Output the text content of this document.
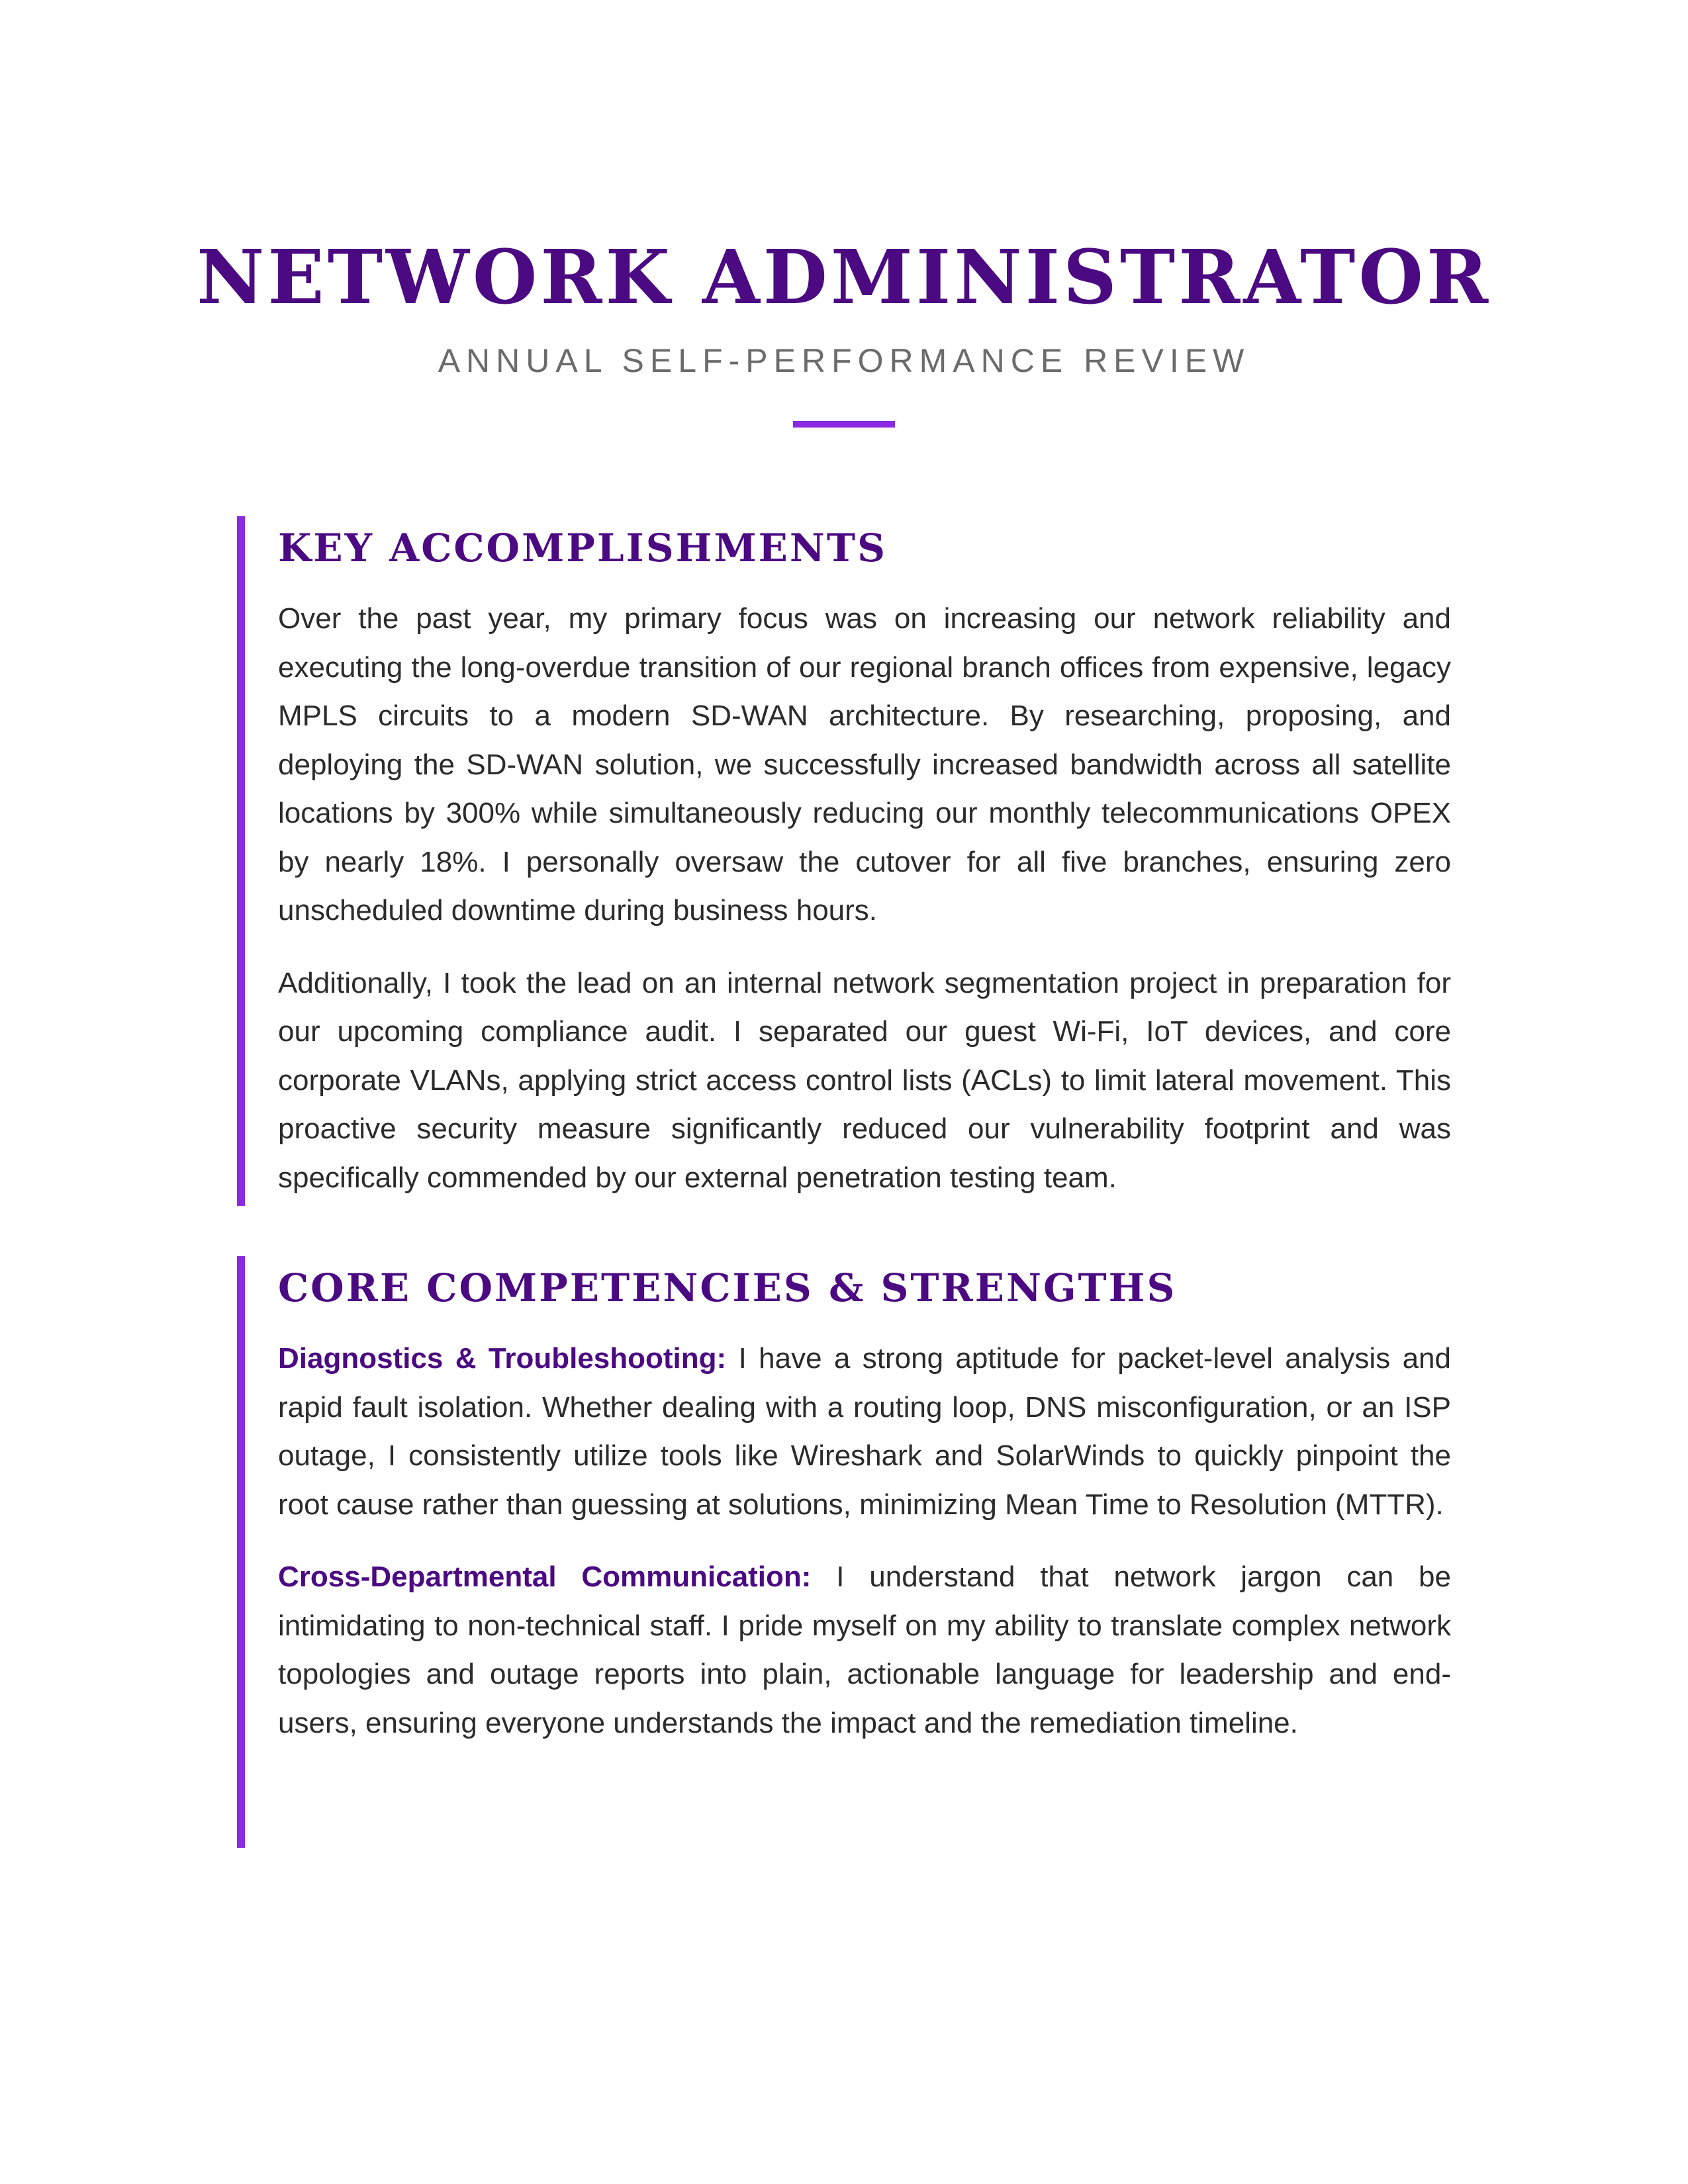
NETWORK ADMINISTRATOR

ANNUAL SELF-PERFORMANCE REVIEW

KEY ACCOMPLISHMENTS

Over the past year, my primary focus was on increasing our network reliability and executing the long-overdue transition of our regional branch offices from expensive, legacy MPLS circuits to a modern SD-WAN architecture. By researching, proposing, and deploying the SD-WAN solution, we successfully increased bandwidth across all satellite locations by 300% while simultaneously reducing our monthly telecommunications OPEX by nearly 18%. I personally oversaw the cutover for all five branches, ensuring zero unscheduled downtime during business hours.

Additionally, I took the lead on an internal network segmentation project in preparation for our upcoming compliance audit. I separated our guest Wi-Fi, IoT devices, and core corporate VLANs, applying strict access control lists (ACLs) to limit lateral movement. This proactive security measure significantly reduced our vulnerability footprint and was specifically commended by our external penetration testing team.

CORE COMPETENCIES & STRENGTHS

Diagnostics & Troubleshooting: I have a strong aptitude for packet-level analysis and rapid fault isolation. Whether dealing with a routing loop, DNS misconfiguration, or an ISP outage, I consistently utilize tools like Wireshark and SolarWinds to quickly pinpoint the root cause rather than guessing at solutions, minimizing Mean Time to Resolution (MTTR).

Cross-Departmental Communication: I understand that network jargon can be intimidating to non-technical staff. I pride myself on my ability to translate complex network topologies and outage reports into plain, actionable language for leadership and end-users, ensuring everyone understands the impact and the remediation timeline.
